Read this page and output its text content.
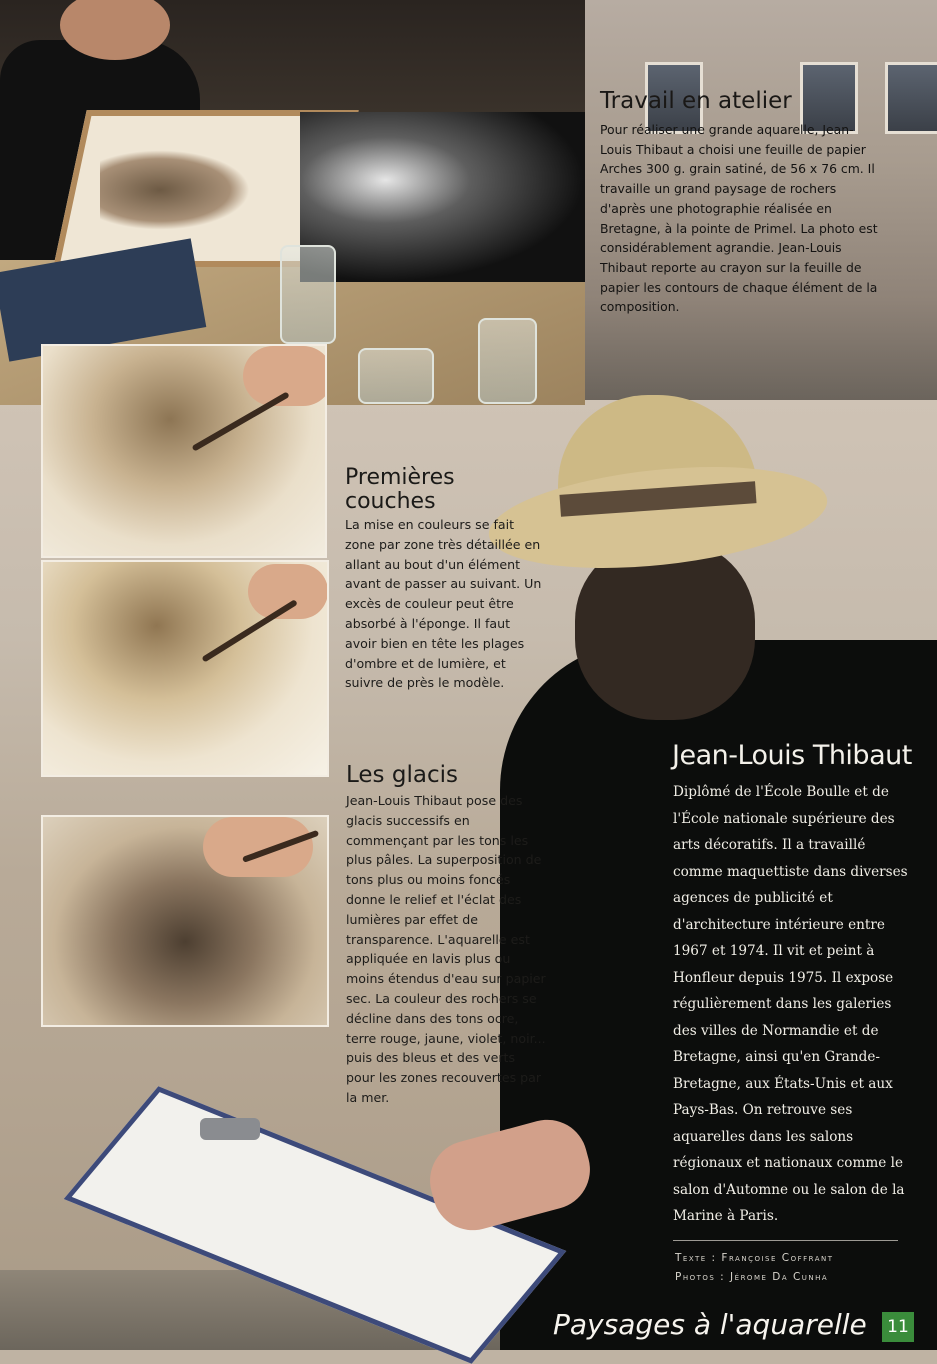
Travail en atelier

Pour réaliser une grande aquarelle, Jean-Louis Thibaut a choisi une feuille de papier Arches 300 g. grain satiné, de 56 x 76 cm. Il travaille un grand paysage de rochers d'après une photographie réalisée en Bretagne, à la pointe de Primel. La photo est considérablement agrandie. Jean-Louis Thibaut reporte au crayon sur la feuille de papier les contours de chaque élément de la composition.

Premières couches

La mise en couleurs se fait zone par zone très détaillée en allant au bout d'un élément avant de passer au suivant. Un excès de couleur peut être absorbé à l'éponge. Il faut avoir bien en tête les plages d'ombre et de lumière, et suivre de près le modèle.

Les glacis

Jean-Louis Thibaut pose des glacis successifs en commençant par les tons les plus pâles. La superposition de tons plus ou moins foncés donne le relief et l'éclat des lumières par effet de transparence. L'aquarelle est appliquée en lavis plus ou moins étendus d'eau sur papier sec. La couleur des rochers se décline dans des tons ocre, terre rouge, jaune, violet, noir... puis des bleus et des verts pour les zones recouvertes par la mer.

Jean-Louis Thibaut

Diplômé de l'École Boulle et de l'École nationale supérieure des arts décoratifs. Il a travaillé comme maquettiste dans diverses agences de publicité et d'architecture intérieure entre 1967 et 1974. Il vit et peint à Honfleur depuis 1975. Il expose régulièrement dans les galeries des villes de Normandie et de Bretagne, ainsi qu'en Grande-Bretagne, aux États-Unis et aux Pays-Bas. On retrouve ses aquarelles dans les salons régionaux et nationaux comme le salon d'Automne ou le salon de la Marine à Paris.

Texte : Françoise Coffrant
Photos : Jérome Da Cunha
Paysages à l'aquarelle	11
